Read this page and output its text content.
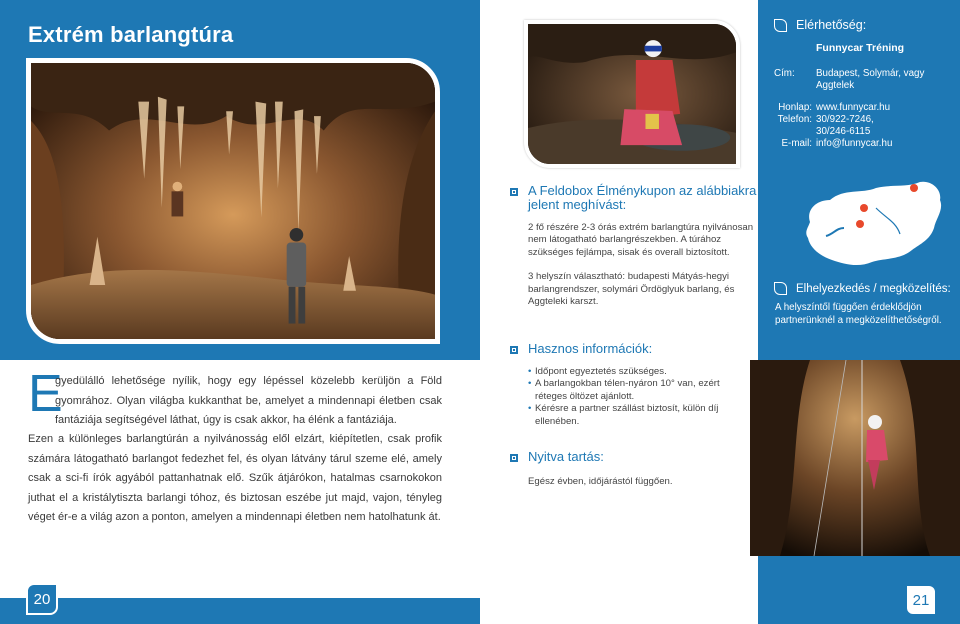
Extrém barlangtúra
E
gyedülálló lehetősége nyílik, hogy egy lépéssel közelebb kerüljön a Föld gyomrához. Olyan világba kukkanthat be, amelyet a mindennapi életben csak fantáziája segítségével láthat, úgy is csak akkor, ha élénk a fantáziája.
Ezen a különleges barlangtúrán a nyilvánosság elől elzárt, kiépítetlen, csak profik számára látogatható barlangot fedezhet fel, és olyan látvány tárul szeme elé, amely csak a sci-fi írók agyából pattanhatnak elő. Szűk átjárókon, hatalmas csarnokokon juthat el a kristálytiszta barlangi tóhoz, és biztosan eszébe jut majd, vajon, tényleg véget ér-e a világ azon a ponton, amelyen a mindennapi életben nem hatolhatunk át.
20
A Feldobox Élménykupon az alábbiakra jelent meghívást:

2 fő részére 2-3 órás extrém barlangtúra nyilvánosan nem látogatható barlangrészekben. A túrához szükséges fejlámpa, sisak és overall biztosított.

3 helyszín választható: budapesti Mátyás-hegyi barlangrendszer, solymári Ördöglyuk barlang, és Aggteleki karszt.

Hasznos információk:
• Időpont egyeztetés szükséges.
• A barlangokban télen-nyáron 10° van, ezért réteges öltözet ajánlott.
• Kérésre a partner szállást biztosít, külön díj ellenében.
Nyitva tartás:

Egész évben, időjárástól függően.

Elérhetőség:
Funnycar Tréning
Cím:	Budapest, Solymár, vagy Aggtelek
Honlap: www.funnycar.hu
Telefon: 30/922-7246,
30/246-6115
E-mail: info@funnycar.hu
Elhelyezkedés / megközelítés:
A helyszíntől függően érdeklődjön partnerünknél a megközelíthetőségről.
21
